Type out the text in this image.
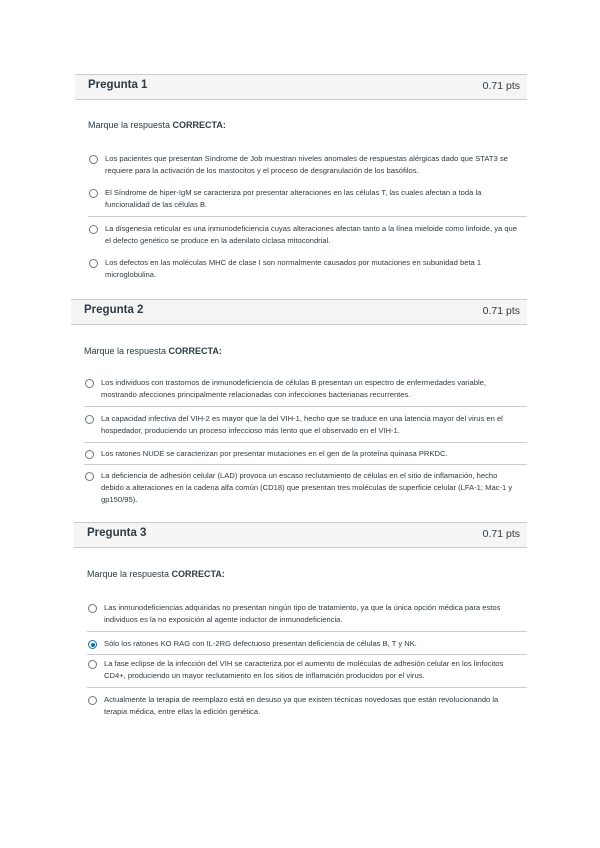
Pregunta 1	0.71 pts
Marque la respuesta CORRECTA:
Los pacientes que presentan Síndrome de Job muestran niveles anomales de respuestas alérgicas dado que STAT3 se requiere para la activación de los mastocitos y el proceso de desgranulación de los basófilos.
El Síndrome de hiper-IgM se caracteriza por presentar alteraciones en las células T, las cuales afectan a toda la funcionalidad de las células B.
La disgenesia reticular es una inmunodeficiencia cuyas alteraciones afectan tanto a la línea mieloide como linfoide, ya que el defecto genético se produce en la adenilato ciclasa mitocondrial.
Los defectos en las moléculas MHC de clase I son normalmente causados por mutaciones en subunidad beta 1 microglobulina.
Pregunta 2	0.71 pts
Marque la respuesta CORRECTA:
Los individuos con trastornos de inmunodeficiencia de células B presentan un espectro de enfermedades variable, mostrando afecciones principalmente relacionadas con infecciones bacterianas recurrentes.
La capacidad infectiva del VIH-2 es mayor que la del VIH-1, hecho que se traduce en una latencia mayor del virus en el hospedador, produciendo un proceso infeccioso más lento que el observado en el VIH-1.
Los ratones NUDE se caracterizan por presentar mutaciones en el gen de la proteína quinasa PRKDC.
La deficiencia de adhesión celular (LAD) provoca un escaso reclutamiento de células en el sitio de inflamación, hecho debido a alteraciones en la cadena alfa común (CD18) que presentan tres moléculas de superficie celular (LFA-1; Mac-1 y gp150/95).
Pregunta 3	0.71 pts
Marque la respuesta CORRECTA:
Las inmunodeficiencias adquiridas no presentan ningún tipo de tratamiento, ya que la única opción médica para estos individuos es la no exposición al agente inductor de inmunodeficiencia.
Sólo los ratones KO RAG con IL-2RG defectuoso presentan deficiencia de células B, T y NK.
La fase eclipse de la infección del VIH se caracteriza por el aumento de moléculas de adhesión celular en los linfocitos CD4+, produciendo un mayor reclutamiento en los sitios de inflamación producidos por el virus.
Actualmente la terapia de reemplazo está en desuso ya que existen técnicas novedosas que están revolucionando la terapia médica, entre ellas la edición genética.
